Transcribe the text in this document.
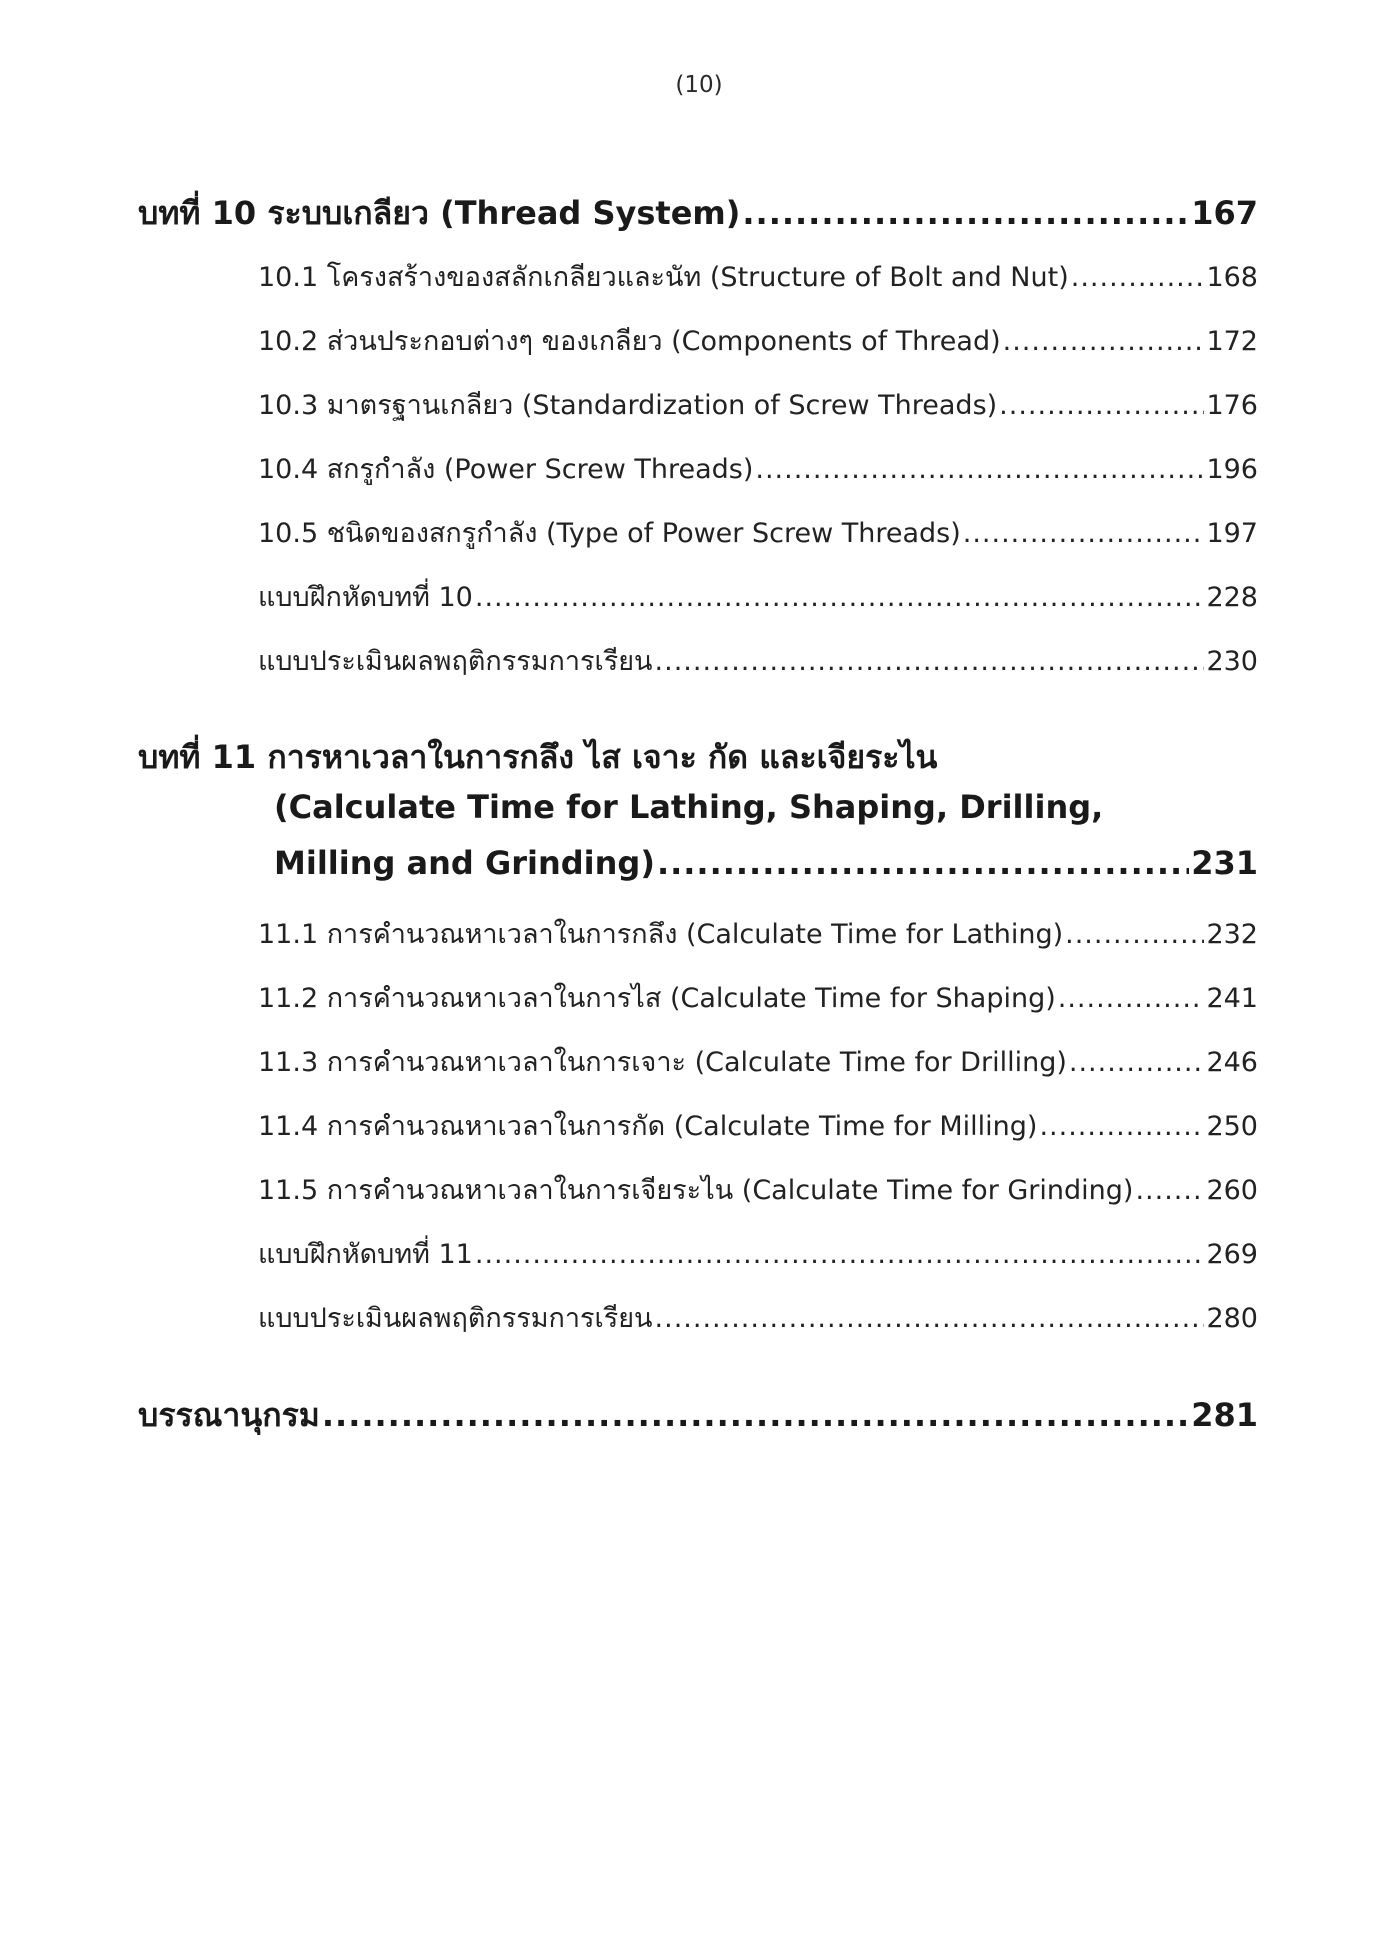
(10)
บทที่ 10 ระบบเกลียว (Thread System) .....	167
10.1 โครงสร้างของสลักเกลียวและนัท (Structure of Bolt and Nut) .....	168
10.2 ส่วนประกอบต่างๆ ของเกลียว (Components of Thread) .....	172
10.3 มาตรฐานเกลียว (Standardization of Screw Threads) .....	176
10.4 สกรูกำลัง (Power Screw Threads) .....	196
10.5 ชนิดของสกรูกำลัง (Type of Power Screw Threads) .....	197
แบบฝึกหัดบทที่ 10 .....	228
แบบประเมินผลพฤติกรรมการเรียน .....	230
บทที่ 11 การหาเวลาในการกลึง ไส เจาะ กัด และเจียระไน
(Calculate Time for Lathing, Shaping, Drilling,
Milling and Grinding) .....	231
11.1 การคำนวณหาเวลาในการกลึง (Calculate Time for Lathing) .....	232
11.2 การคำนวณหาเวลาในการไส (Calculate Time for Shaping) .....	241
11.3 การคำนวณหาเวลาในการเจาะ (Calculate Time for Drilling) .....	246
11.4 การคำนวณหาเวลาในการกัด (Calculate Time for Milling) .....	250
11.5 การคำนวณหาเวลาในการเจียระไน (Calculate Time for Grinding) .....	260
แบบฝึกหัดบทที่ 11 .....	269
แบบประเมินผลพฤติกรรมการเรียน .....	280
บรรณานุกรม .....	281
